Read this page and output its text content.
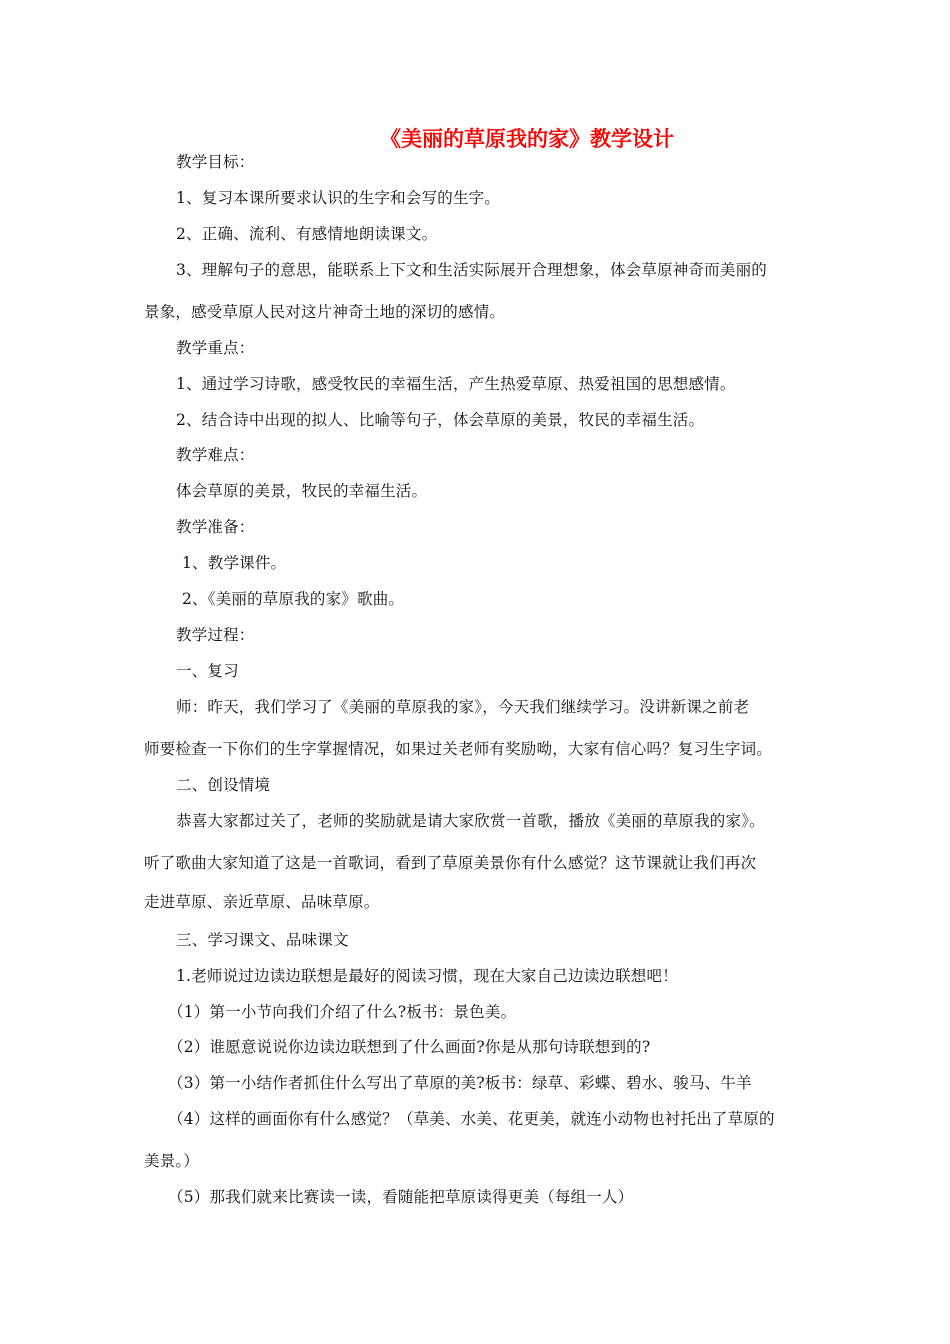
《美丽的草原我的家》教学设计
教学目标：
1、复习本课所要求认识的生字和会写的生字。
2、正确、流利、有感情地朗读课文。
3、理解句子的意思，能联系上下文和生活实际展开合理想象，体会草原神奇而美丽的
景象，感受草原人民对这片神奇土地的深切的感情。
教学重点：
1、通过学习诗歌，感受牧民的幸福生活，产生热爱草原、热爱祖国的思想感情。
2、结合诗中出现的拟人、比喻等句子，体会草原的美景，牧民的幸福生活。
教学难点：
体会草原的美景，牧民的幸福生活。
教学准备：
1、教学课件。
2、《美丽的草原我的家》歌曲。
教学过程：
一、复习
师：昨天，我们学习了《美丽的草原我的家》，今天我们继续学习。没讲新课之前老
师要检查一下你们的生字掌握情况，如果过关老师有奖励呦，大家有信心吗？复习生字词。
二、创设情境
恭喜大家都过关了，老师的奖励就是请大家欣赏一首歌，播放《美丽的草原我的家》。
听了歌曲大家知道了这是一首歌词，看到了草原美景你有什么感觉？这节课就让我们再次
走进草原、亲近草原、品味草原。
三、学习课文、品味课文
1.老师说过边读边联想是最好的阅读习惯，现在大家自己边读边联想吧！
（1）第一小节向我们介绍了什么?板书：景色美。
（2）谁愿意说说你边读边联想到了什么画面?你是从那句诗联想到的?
（3）第一小结作者抓住什么写出了草原的美?板书：绿草、彩蝶、碧水、骏马、牛羊
（4）这样的画面你有什么感觉？（草美、水美、花更美，就连小动物也衬托出了草原的
美景。）
（5）那我们就来比赛读一读，看随能把草原读得更美（每组一人）
